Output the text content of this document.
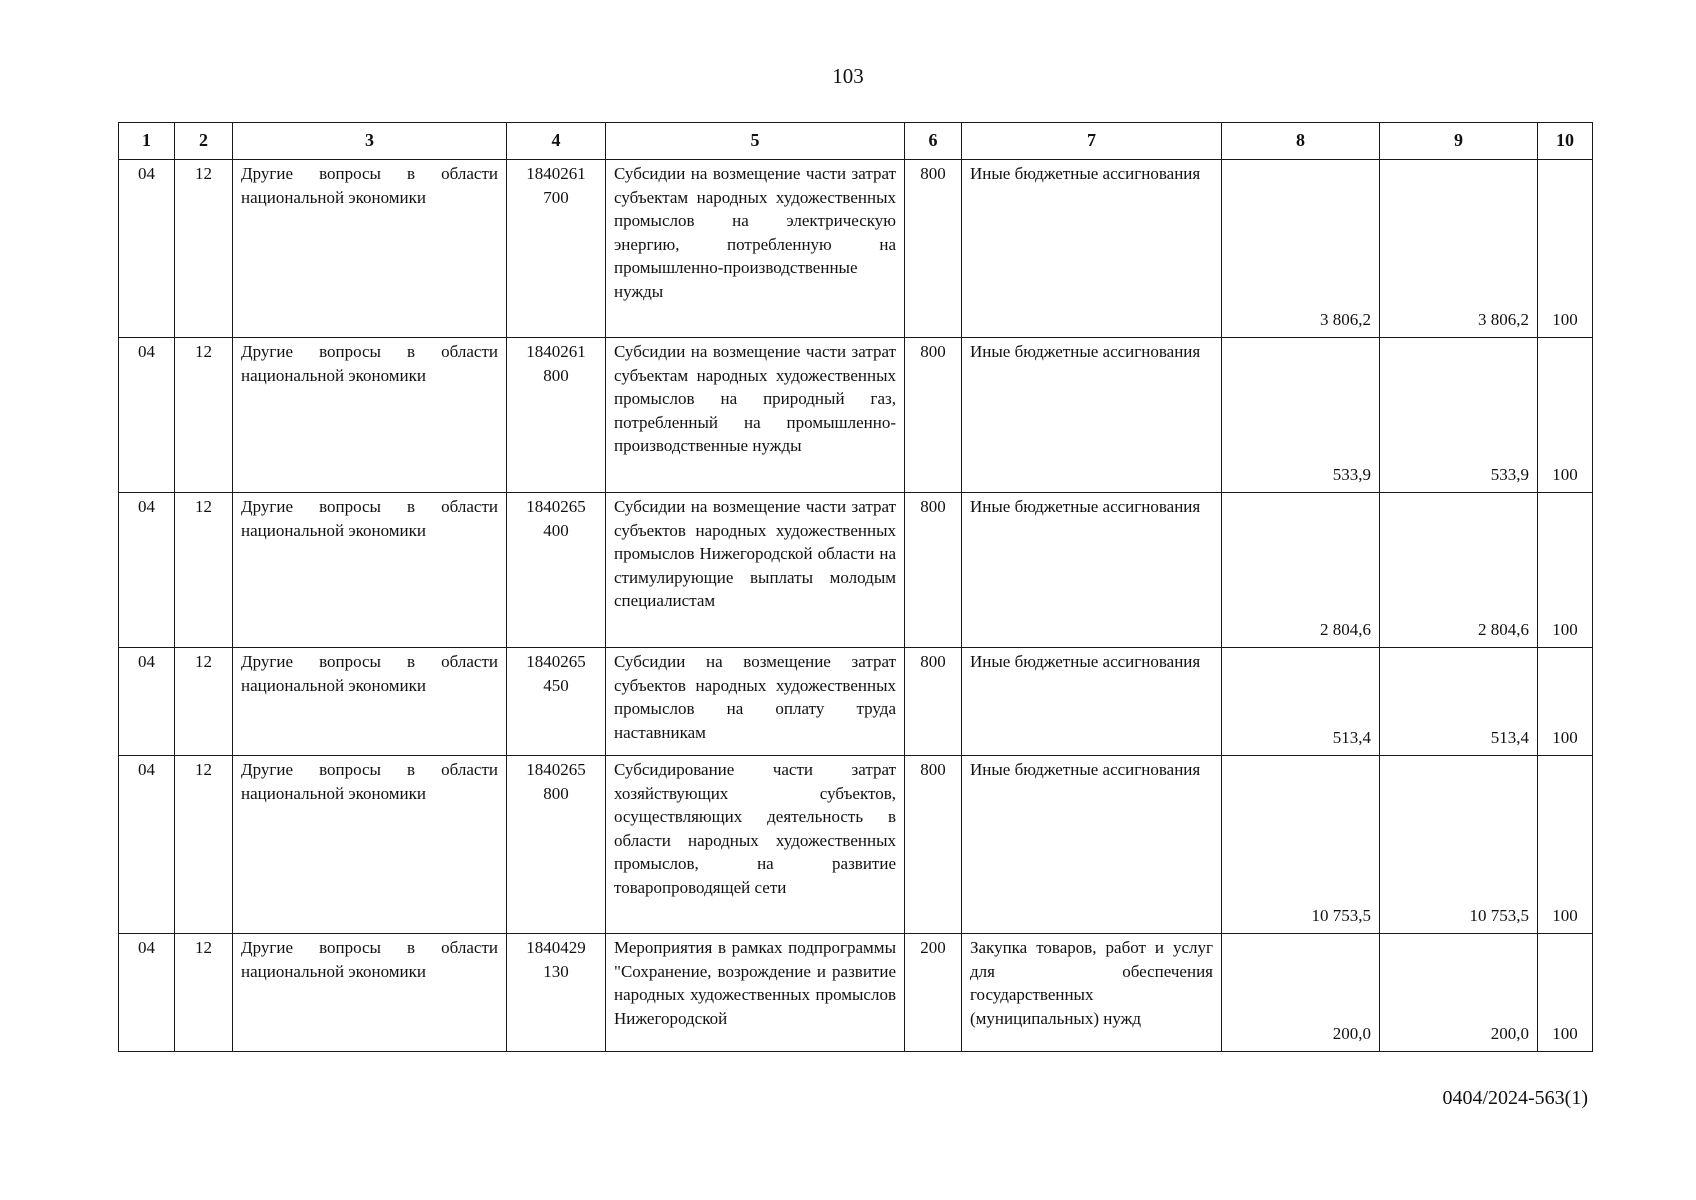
103
1	2	3	4	5	6	7	8	9	10
04	12	Другие вопросы в области национальной экономики	1840261 700	Субсидии на возмещение части затрат субъектам народных художественных промыслов на электрическую энергию, потребленную на промышленно-производственные нужды	800	Иные бюджетные ассигнования	3 806,2	3 806,2	100
04	12	Другие вопросы в области национальной экономики	1840261 800	Субсидии на возмещение части затрат субъектам народных художественных промыслов на природный газ, потребленный на промышленно-производственные нужды	800	Иные бюджетные ассигнования	533,9	533,9	100
04	12	Другие вопросы в области национальной экономики	1840265 400	Субсидии на возмещение части затрат субъектов народных художественных промыслов Нижегородской области на стимулирующие выплаты молодым специалистам	800	Иные бюджетные ассигнования	2 804,6	2 804,6	100
04	12	Другие вопросы в области национальной экономики	1840265 450	Субсидии на возмещение затрат субъектов народных художественных промыслов на оплату труда наставникам	800	Иные бюджетные ассигнования	513,4	513,4	100
04	12	Другие вопросы в области национальной экономики	1840265 800	Субсидирование части затрат хозяйствующих субъектов, осуществляющих деятельность в области народных художественных промыслов, на развитие товаропроводящей сети	800	Иные бюджетные ассигнования	10 753,5	10 753,5	100
04	12	Другие вопросы в области национальной экономики	1840429 130	Мероприятия в рамках подпрограммы "Сохранение, возрождение и развитие народных художественных промыслов Нижегородской	200	Закупка товаров, работ и услуг для обеспечения государственных (муниципальных) нужд	200,0	200,0	100
0404/2024-563(1)
